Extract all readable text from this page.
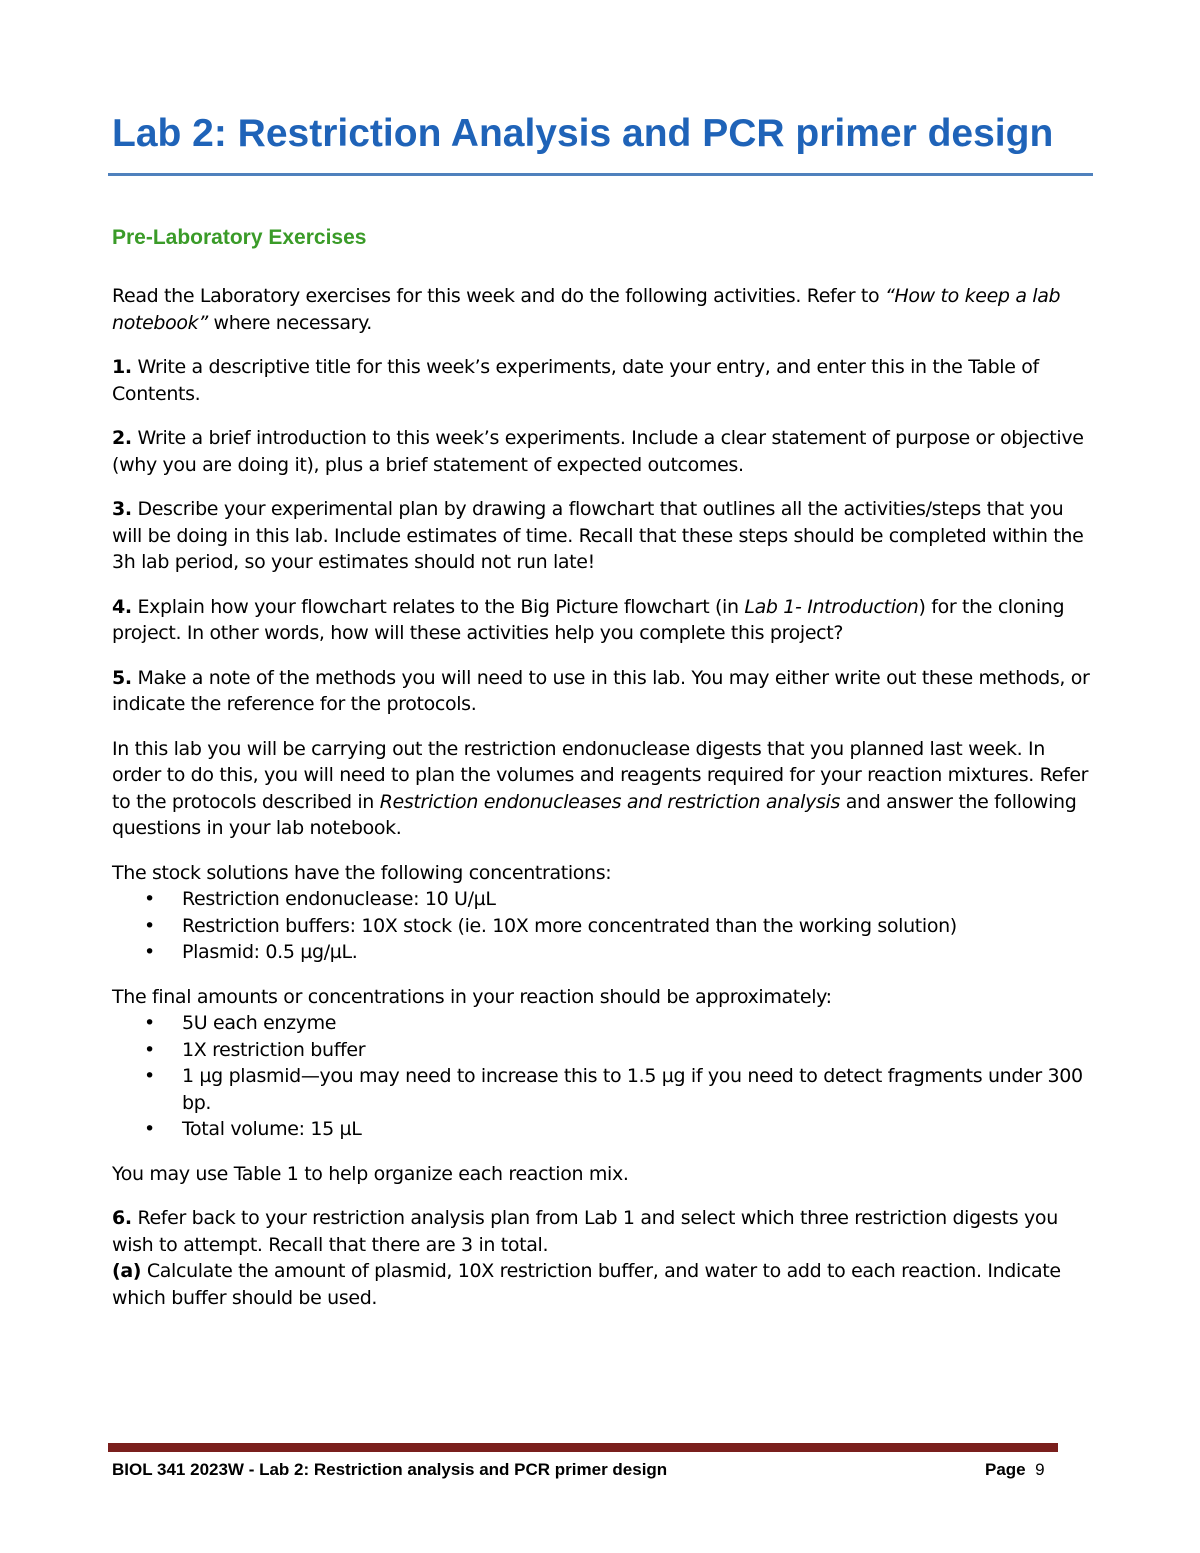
Lab 2: Restriction Analysis and PCR primer design
Pre-Laboratory Exercises

Read the Laboratory exercises for this week and do the following activities. Refer to “How to keep a lab notebook” where necessary.

1. Write a descriptive title for this week’s experiments, date your entry, and enter this in the Table of Contents.

2. Write a brief introduction to this week’s experiments. Include a clear statement of purpose or objective (why you are doing it), plus a brief statement of expected outcomes.

3. Describe your experimental plan by drawing a flowchart that outlines all the activities/steps that you will be doing in this lab. Include estimates of time. Recall that these steps should be completed within the 3h lab period, so your estimates should not run late!

4. Explain how your flowchart relates to the Big Picture flowchart (in Lab 1- Introduction) for the cloning project. In other words, how will these activities help you complete this project?

5. Make a note of the methods you will need to use in this lab. You may either write out these methods, or indicate the reference for the protocols.

In this lab you will be carrying out the restriction endonuclease digests that you planned last week. In order to do this, you will need to plan the volumes and reagents required for your reaction mixtures. Refer to the protocols described in Restriction endonucleases and restriction analysis and answer the following questions in your lab notebook.

The stock solutions have the following concentrations:

• Restriction endonuclease: 10 U/µL
• Restriction buffers: 10X stock (ie. 10X more concentrated than the working solution)
• Plasmid: 0.5 µg/µL.

The final amounts or concentrations in your reaction should be approximately:

• 5U each enzyme
• 1X restriction buffer
• 1 µg plasmid—you may need to increase this to 1.5 µg if you need to detect fragments under 300 bp.
• Total volume: 15 µL

You may use Table 1 to help organize each reaction mix.

6. Refer back to your restriction analysis plan from Lab 1 and select which three restriction digests you wish to attempt. Recall that there are 3 in total.

(a) Calculate the amount of plasmid, 10X restriction buffer, and water to add to each reaction. Indicate which buffer should be used.

BIOL 341 2023W - Lab 2: Restriction analysis and PCR primer design	Page 9
